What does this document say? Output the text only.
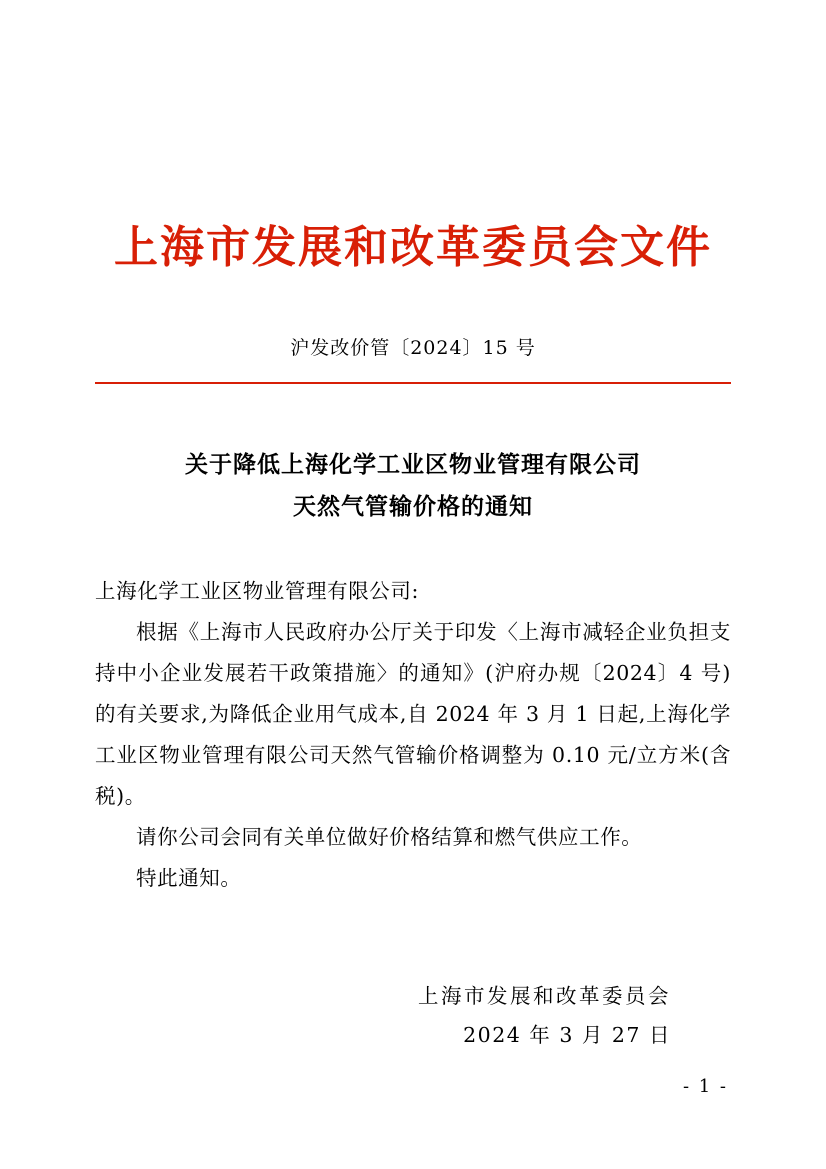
上海市发展和改革委员会文件
沪发改价管〔2024〕15 号
关于降低上海化学工业区物业管理有限公司
天然气管输价格的通知

上海化学工业区物业管理有限公司:

根据《上海市人民政府办公厅关于印发〈上海市减轻企业负担支持中小企业发展若干政策措施〉的通知》(沪府办规〔2024〕4 号)的有关要求,为降低企业用气成本,自 2024 年 3 月 1 日起,上海化学工业区物业管理有限公司天然气管输价格调整为 0.10 元/立方米(含税)。

请你公司会同有关单位做好价格结算和燃气供应工作。

特此通知。

上海市发展和改革委员会
2024 年 3 月 27 日
- 1 -
